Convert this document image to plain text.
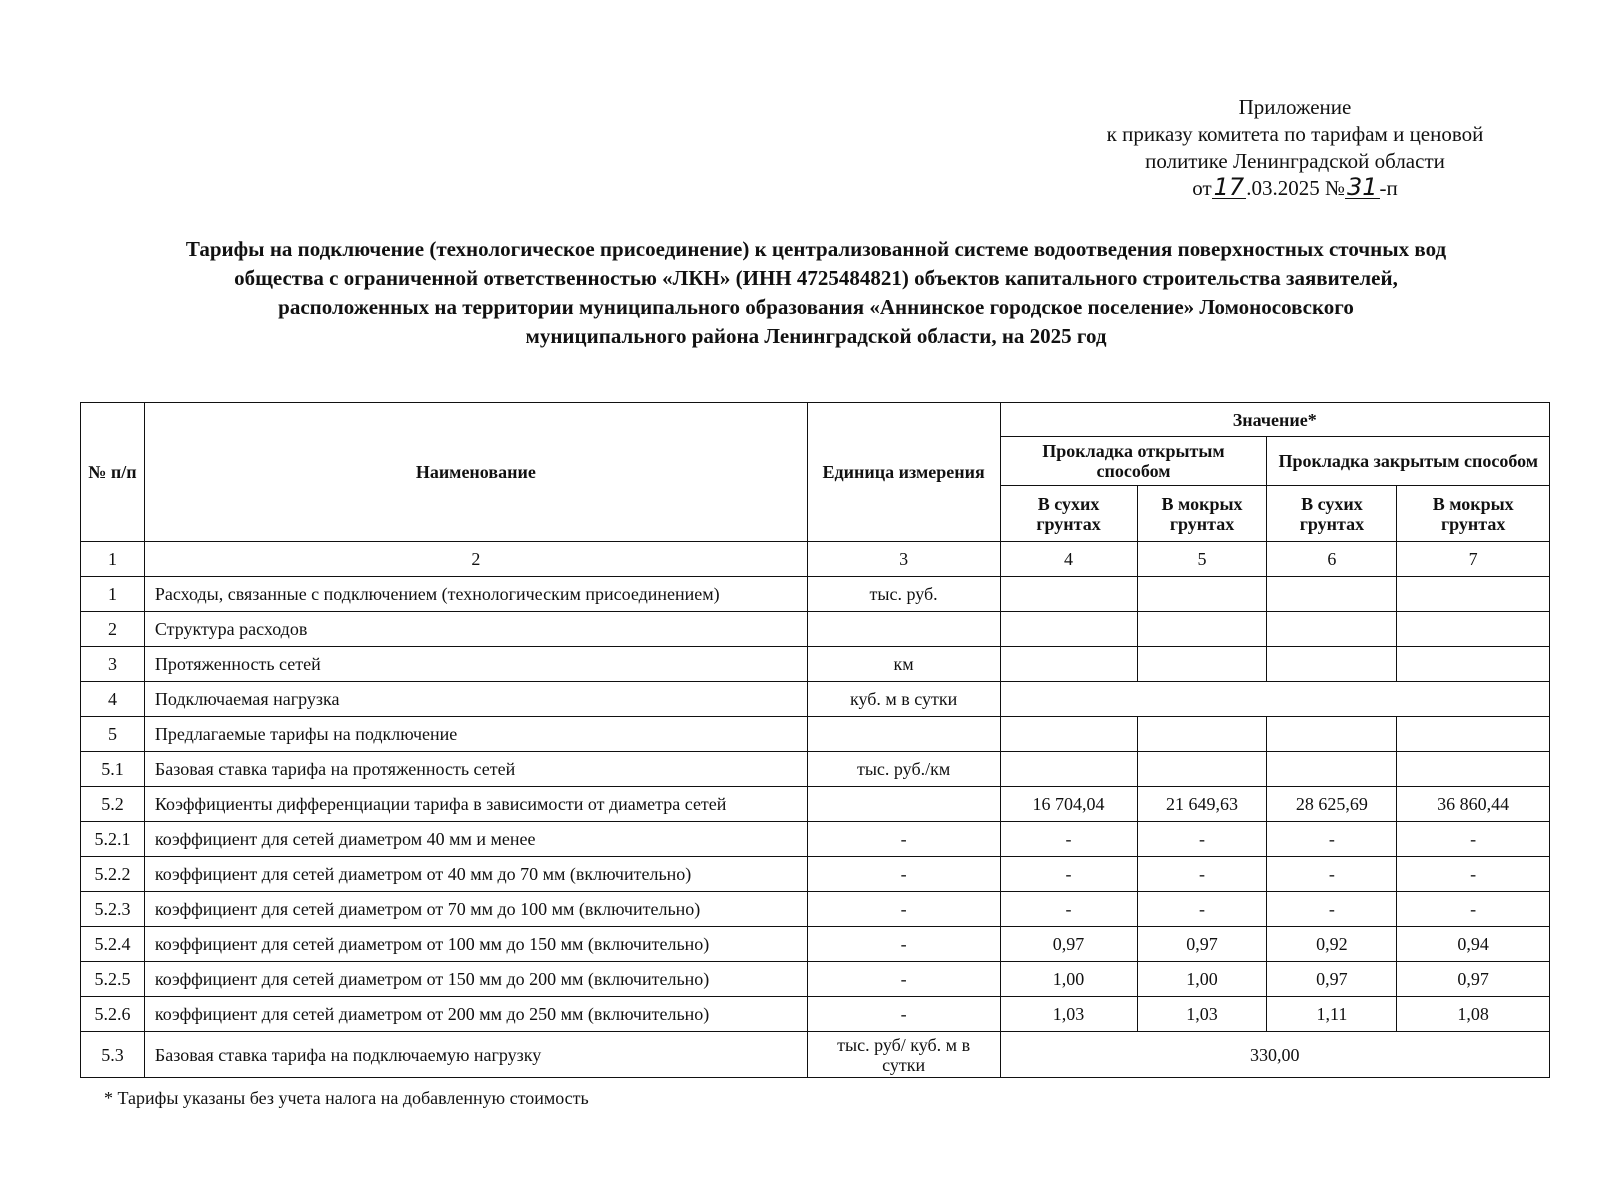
Приложение
к приказу комитета по тарифам и ценовой
политике Ленинградской области
от17.03.2025 №31-п
Тарифы на подключение (технологическое присоединение) к централизованной системе водоотведения поверхностных сточных вод
общества с ограниченной ответственностью «ЛКН» (ИНН 4725484821) объектов капитального строительства заявителей,
расположенных на территории муниципального образования «Аннинское городское поселение» Ломоносовского
муниципального района Ленинградской области, на 2025 год
№ п/п	Наименование	Единица измерения	Значение*			
			Прокладка открытым способом		Прокладка закрытым способом	
			В сухих грунтах	В мокрых грунтах	В сухих грунтах	В мокрых грунтах
1	2	3	4	5	6	7
1	Расходы, связанные с подключением (технологическим присоединением)	тыс. руб.				
2	Структура расходов					
3	Протяженность сетей	км				
4	Подключаемая нагрузка	куб. м в сутки				
5	Предлагаемые тарифы на подключение					
5.1	Базовая ставка тарифа на протяженность сетей	тыс. руб./км				
5.2	Коэффициенты дифференциации тарифа в зависимости от диаметра сетей		16 704,04	21 649,63	28 625,69	36 860,44
5.2.1	коэффициент для сетей диаметром 40 мм и менее	-	-	-	-	-
5.2.2	коэффициент для сетей диаметром от 40 мм до 70 мм (включительно)	-	-	-	-	-
5.2.3	коэффициент для сетей диаметром от 70 мм до 100 мм (включительно)	-	-	-	-	-
5.2.4	коэффициент для сетей диаметром от 100 мм до 150 мм (включительно)	-	0,97	0,97	0,92	0,94
5.2.5	коэффициент для сетей диаметром от 150 мм до 200 мм (включительно)	-	1,00	1,00	0,97	0,97
5.2.6	коэффициент для сетей диаметром от 200 мм до 250 мм (включительно)	-	1,03	1,03	1,11	1,08
5.3	Базовая ставка тарифа на подключаемую нагрузку	тыс. руб/ куб. м в сутки	330,00			
* Тарифы указаны без учета налога на добавленную стоимость
